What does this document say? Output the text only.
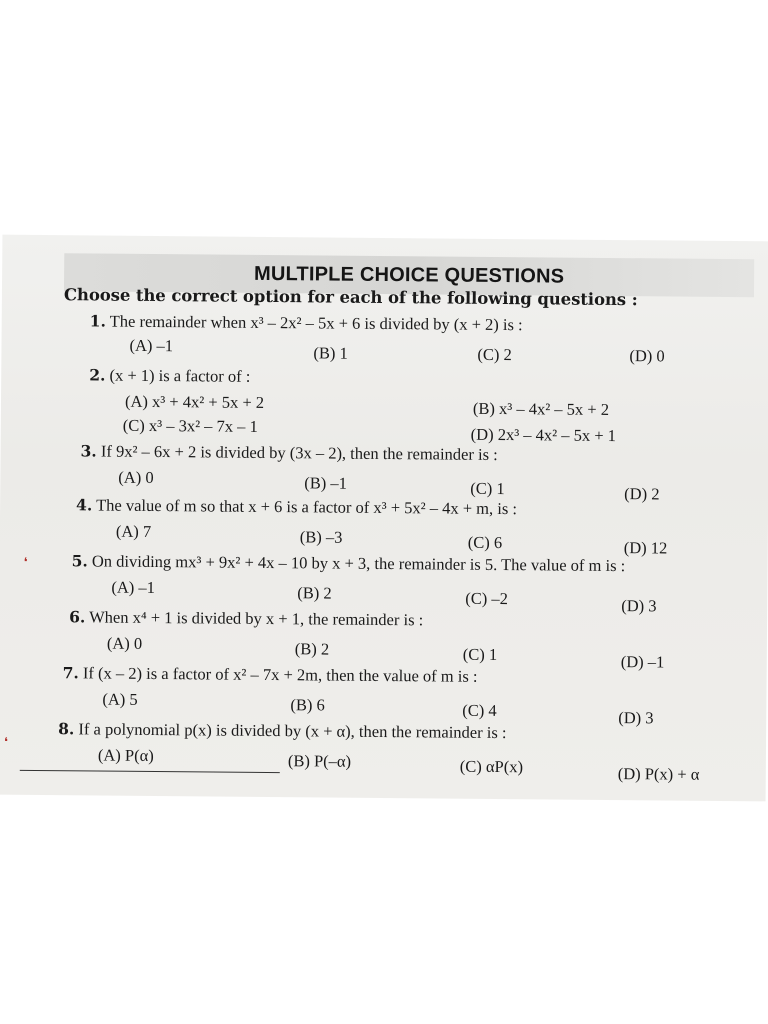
MULTIPLE CHOICE QUESTIONS
Choose the correct option for each of the following questions :
1. The remainder when x³ – 2x² – 5x + 6 is divided by (x + 2) is :
(A) –1	(B) 1	(C) 2	(D) 0
2. (x + 1) is a factor of :
(A) x³ + 4x² + 5x + 2	(B) x³ – 4x² – 5x + 2
(C) x³ – 3x² – 7x – 1	(D) 2x³ – 4x² – 5x + 1
3. If 9x² – 6x + 2 is divided by (3x – 2), then the remainder is :
(A) 0	(B) –1	(C) 1	(D) 2
4. The value of m so that x + 6 is a factor of x³ + 5x² – 4x + m, is :
(A) 7	(B) –3	(C) 6	(D) 12
5. On dividing mx³ + 9x² + 4x – 10 by x + 3, the remainder is 5. The value of m is :
(A) –1	(B) 2	(C) –2	(D) 3
6. When x⁴ + 1 is divided by x + 1, the remainder is :
(A) 0	(B) 2	(C) 1	(D) –1
7. If (x – 2) is a factor of x² – 7x + 2m, then the value of m is :
(A) 5	(B) 6	(C) 4	(D) 3
8. If a polynomial p(x) is divided by (x + α), then the remainder is :
(A) P(α)	(B) P(–α)	(C) αP(x)	(D) P(x) + α
❛
❛
